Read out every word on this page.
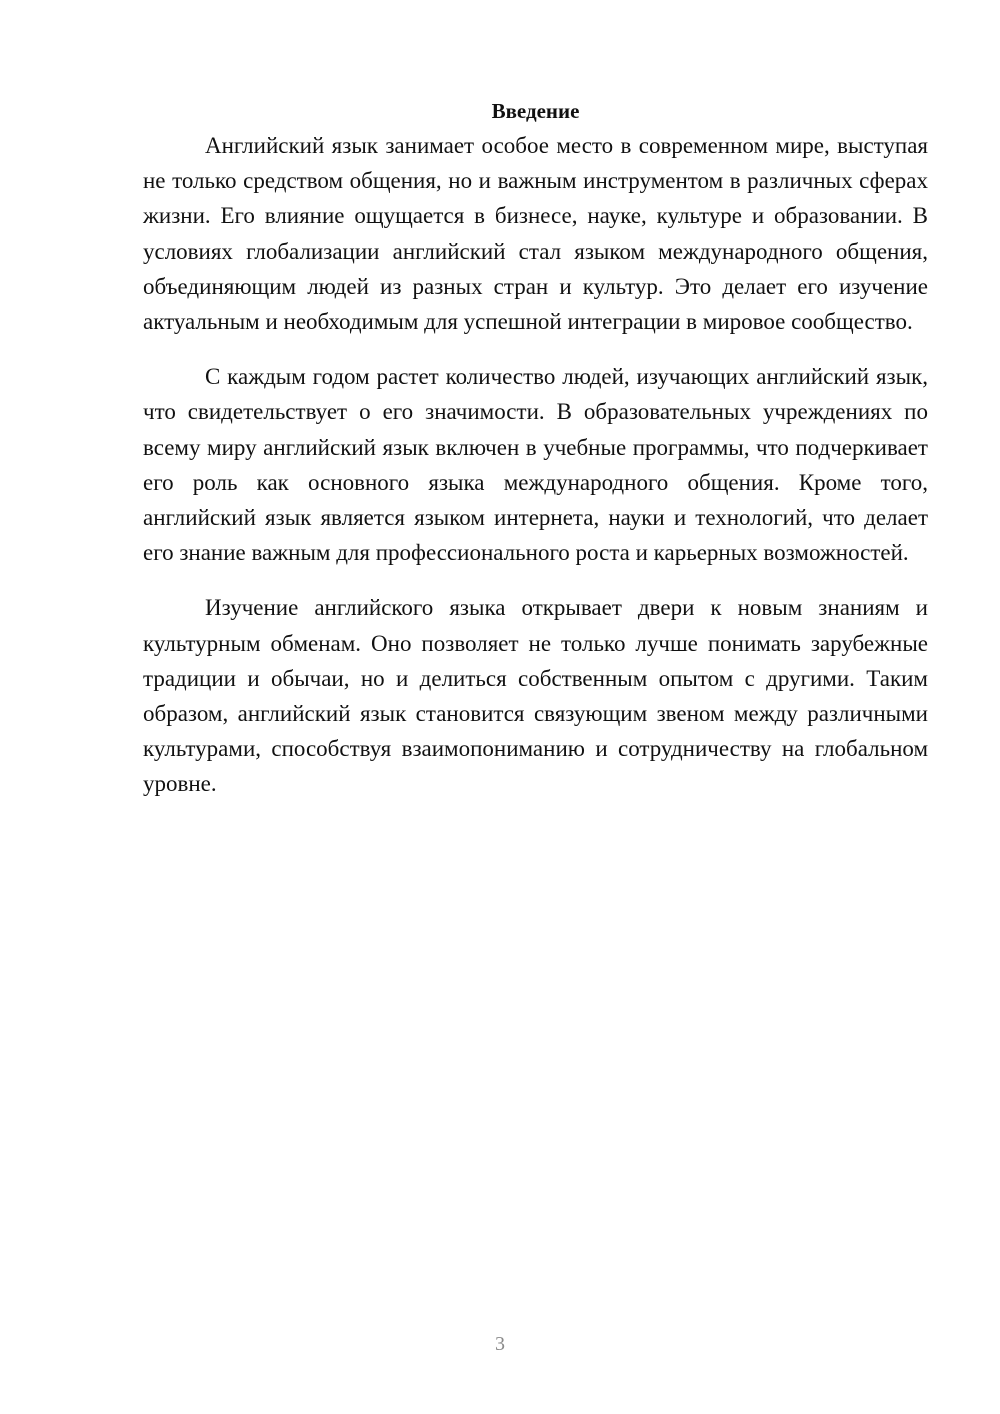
Введение

Английский язык занимает особое место в современном мире, выступая не только средством общения, но и важным инструментом в различных сферах жизни. Его влияние ощущается в бизнесе, науке, культуре и образовании. В условиях глобализации английский стал языком международного общения, объединяющим людей из разных стран и культур. Это делает его изучение актуальным и необходимым для успешной интеграции в мировое сообщество.

С каждым годом растет количество людей, изучающих английский язык, что свидетельствует о его значимости. В образовательных учреждениях по всему миру английский язык включен в учебные программы, что подчеркивает его роль как основного языка международного общения. Кроме того, английский язык является языком интернета, науки и технологий, что делает его знание важным для профессионального роста и карьерных возможностей.

Изучение английского языка открывает двери к новым знаниям и культурным обменам. Оно позволяет не только лучше понимать зарубежные традиции и обычаи, но и делиться собственным опытом с другими. Таким образом, английский язык становится связующим звеном между различными культурами, способствуя взаимопониманию и сотрудничеству на глобальном уровне.

3
